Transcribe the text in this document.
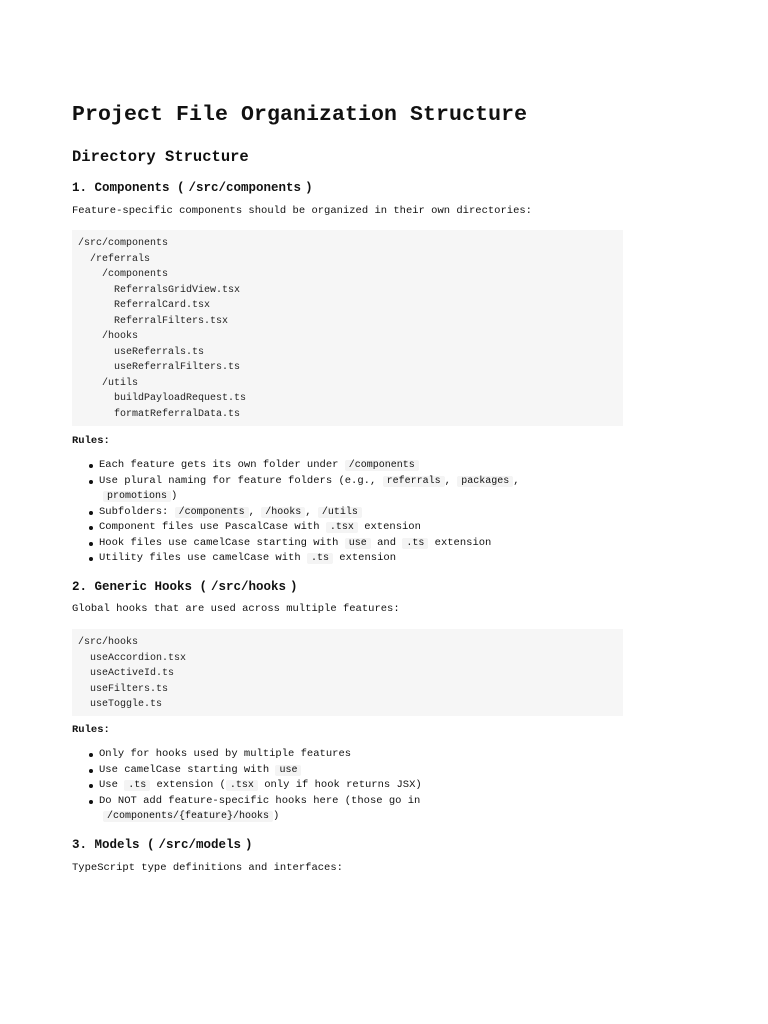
Project File Organization Structure
Directory Structure
1. Components ( /src/components )

Feature-specific components should be organized in their own directories:

/src/components
/referrals
/components
ReferralsGridView.tsx
ReferralCard.tsx
ReferralFilters.tsx
/hooks
useReferrals.ts
useReferralFilters.ts
/utils
buildPayloadRequest.ts
formatReferralData.ts

Rules:

Each feature gets its own folder under /components
Use plural naming for feature folders (e.g., referrals , packages ,
promotions )
Subfolders: /components , /hooks , /utils
Component files use PascalCase with .tsx extension
Hook files use camelCase starting with use and .ts extension
Utility files use camelCase with .ts extension
2. Generic Hooks ( /src/hooks )

Global hooks that are used across multiple features:

/src/hooks
useAccordion.tsx
useActiveId.ts
useFilters.ts
useToggle.ts

Rules:

Only for hooks used by multiple features
Use camelCase starting with use
Use .ts extension ( .tsx only if hook returns JSX)
Do NOT add feature-specific hooks here (those go in
/components/{feature}/hooks )
3. Models ( /src/models )

TypeScript type definitions and interfaces:
